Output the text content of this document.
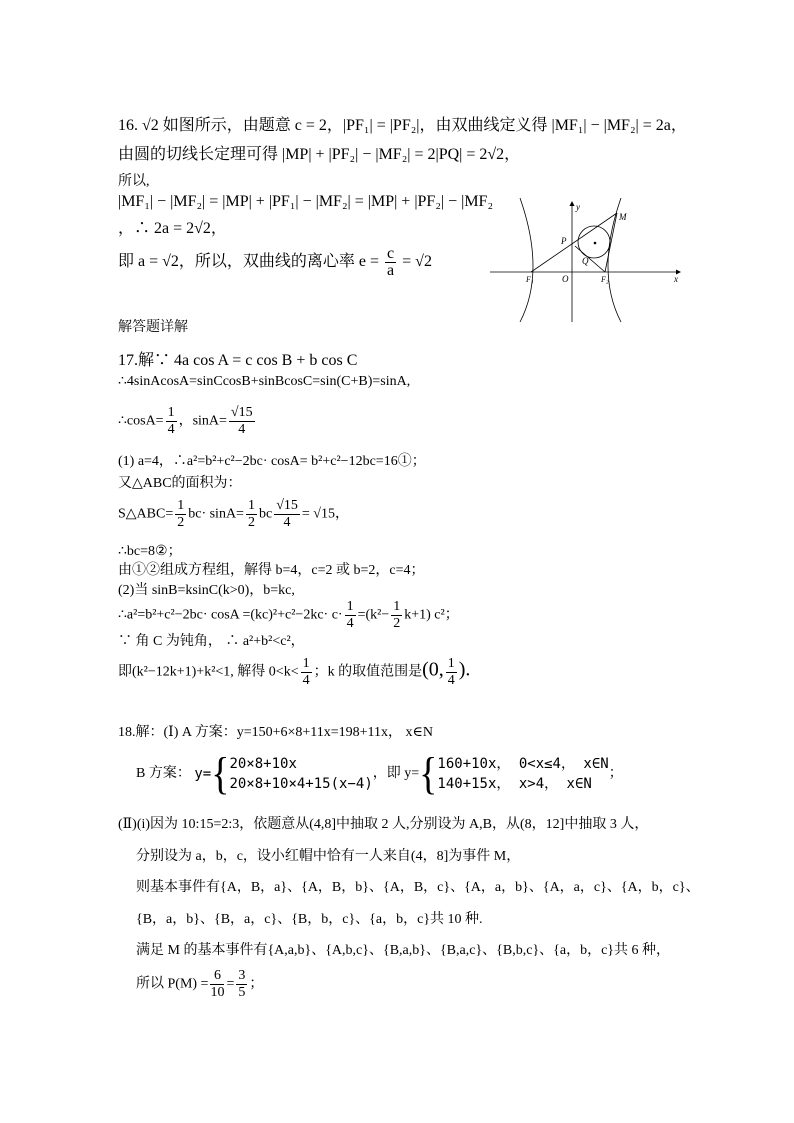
16. √2 如图所示，由题意 c = 2，|PF₁| = |PF₂|，由双曲线定义得 |MF₁| − |MF₂| = 2a，
由圆的切线长定理可得 |MP| + |PF₂| − |MF₂| = 2|PQ| = 2√2，
所以,
|MF₁| − |MF₂| = |MP| + |PF₁| − |MF₂| = |MP| + |PF₂| − |MF₂
，∴ 2a = 2√2，
即 a = √2，所以，双曲线的离心率 $e = \frac{c}{a} = √2$
y
x
M
P
Q
O
F₁	F₂
解答题详解
17.解∵ 4a cos A = c cos B + b cos C
∴4sinAcosA=sinCcosB+sinBcosC=sin(C+B)=sinA,
∴cosA= $\frac{1}{4}$ ，$\sin A= \frac{√15}{4}$
(1) a=4，∴a²=b²+c²−2bc· cosA= b²+c²−12bc=16①；
又△ABC的面积为：
S△ABC= $\frac{1}{2} bc\cdot \sin A= \frac{1}{2}$ bc $\frac{√15}{4} = √15$，
∴bc=8②；
由①②组成方程组，解得 b=4，c=2 或 b=2，c=4；
(2)当 sinB=ksinC(k>0)，b=kc,
∴a²=b²+c²−2bc· $\cos A =(kc)^2+c^2-2kc\cdot c\cdot \frac{1}{4} =(k^2- \frac{1}{2} k+1)$ c²；
∵ 角 C 为钝角， ∴ a²+b²<c²，
即(k²−12k+1)+k²<1, 解得 $0<k< \frac{1}{4}$ ；k 的取值范围是(0, $\frac{1}{4}$ ).
18.解：(Ⅰ) A 方案：y=150+6×8+11x=198+11x， x∈N
B 方案： y={ 20×8+10x
20×8+10×4+15(x−4)
，即 y={ 160+10x， 0<x≤4， x∈N
140+15x， x>4， x∈N
；
(Ⅱ)(i)因为 10:15=2:3，依题意从(4,8]中抽取 2 人,分别设为 A,B，从(8，12]中抽取 3 人，
分别设为 a，b，c，设小红帽中恰有一人来自(4，8]为事件 M，
则基本事件有{A，B，a}、{A，B，b}、{A，B，c}、{A，a，b}、{A，a，c}、{A，b，c}、
{B，a，b}、{B，a，c}、{B，b，c}、{a，b，c}共 10 种.
满足 M 的基本事件有{A,a,b}、{A,b,c}、{B,a,b}、{B,a,c}、{B,b,c}、{a，b，c}共 6 种，
所以 $P(M) = \frac{6}{10} = \frac{3}{5}$ ；
